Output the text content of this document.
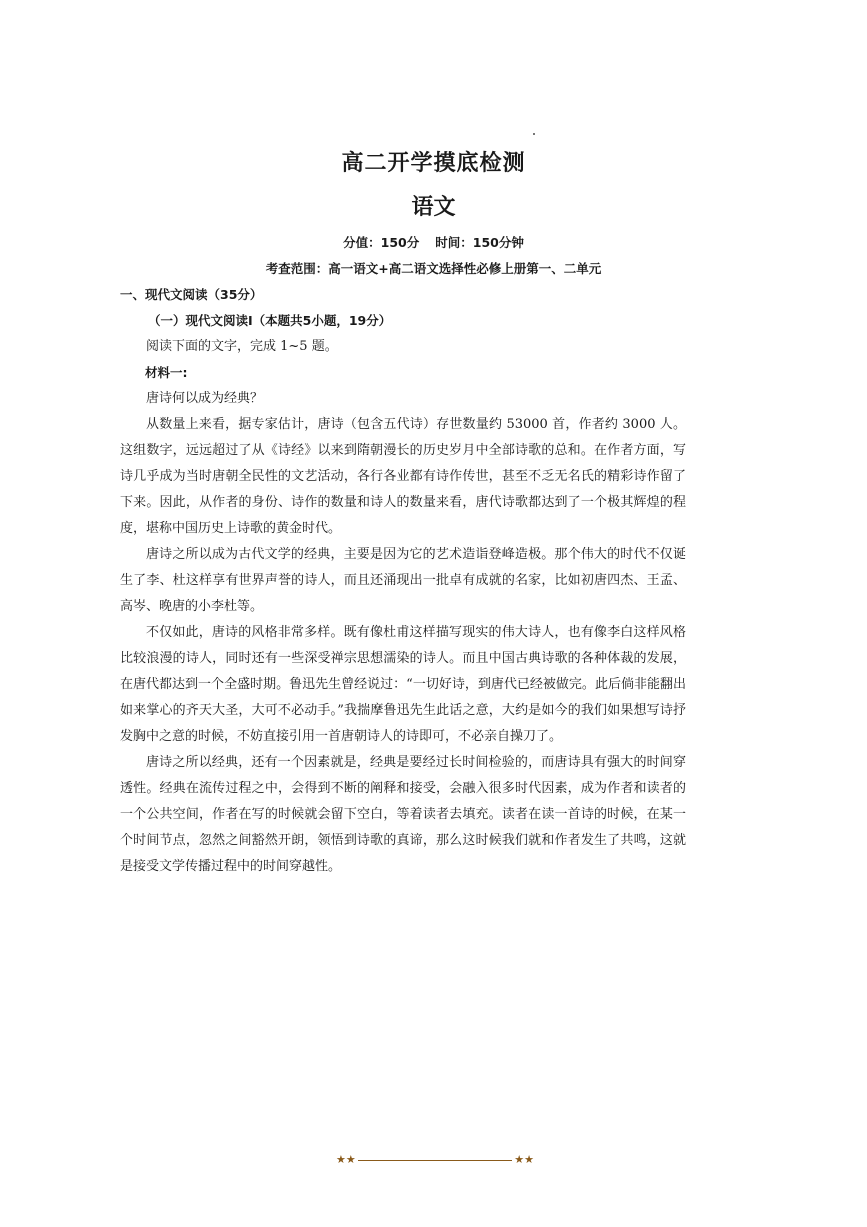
高二开学摸底检测
语文
分值：150分 时间：150分钟
考查范围：高一语文+高二语文选择性必修上册第一、二单元
一、现代文阅读（35分）
（一）现代文阅读Ⅰ（本题共5小题，19分）

阅读下面的文字，完成 1~5 题。

材料一:

唐诗何以成为经典？

从数量上来看，据专家估计，唐诗（包含五代诗）存世数量约 53000 首，作者约 3000 人。这组数字，远远超过了从《诗经》以来到隋朝漫长的历史岁月中全部诗歌的总和。在作者方面，写诗几乎成为当时唐朝全民性的文艺活动，各行各业都有诗作传世，甚至不乏无名氏的精彩诗作留了下来。因此，从作者的身份、诗作的数量和诗人的数量来看，唐代诗歌都达到了一个极其辉煌的程度，堪称中国历史上诗歌的黄金时代。

唐诗之所以成为古代文学的经典，主要是因为它的艺术造诣登峰造极。那个伟大的时代不仅诞生了李、杜这样享有世界声誉的诗人，而且还涌现出一批卓有成就的名家，比如初唐四杰、王孟、高岑、晚唐的小李杜等。

不仅如此，唐诗的风格非常多样。既有像杜甫这样描写现实的伟大诗人，也有像李白这样风格比较浪漫的诗人，同时还有一些深受禅宗思想濡染的诗人。而且中国古典诗歌的各种体裁的发展，在唐代都达到一个全盛时期。鲁迅先生曾经说过：“一切好诗，到唐代已经被做完。此后倘非能翻出如来掌心的齐天大圣，大可不必动手。”我揣摩鲁迅先生此话之意，大约是如今的我们如果想写诗抒发胸中之意的时候，不妨直接引用一首唐朝诗人的诗即可，不必亲自操刀了。

唐诗之所以经典，还有一个因素就是，经典是要经过长时间检验的，而唐诗具有强大的时间穿透性。经典在流传过程之中，会得到不断的阐释和接受，会融入很多时代因素，成为作者和读者的一个公共空间，作者在写的时候就会留下空白，等着读者去填充。读者在读一首诗的时候，在某一个时间节点，忽然之间豁然开朗，领悟到诗歌的真谛，那么这时候我们就和作者发生了共鸣，这就是接受文学传播过程中的时间穿越性。

★★	★★
